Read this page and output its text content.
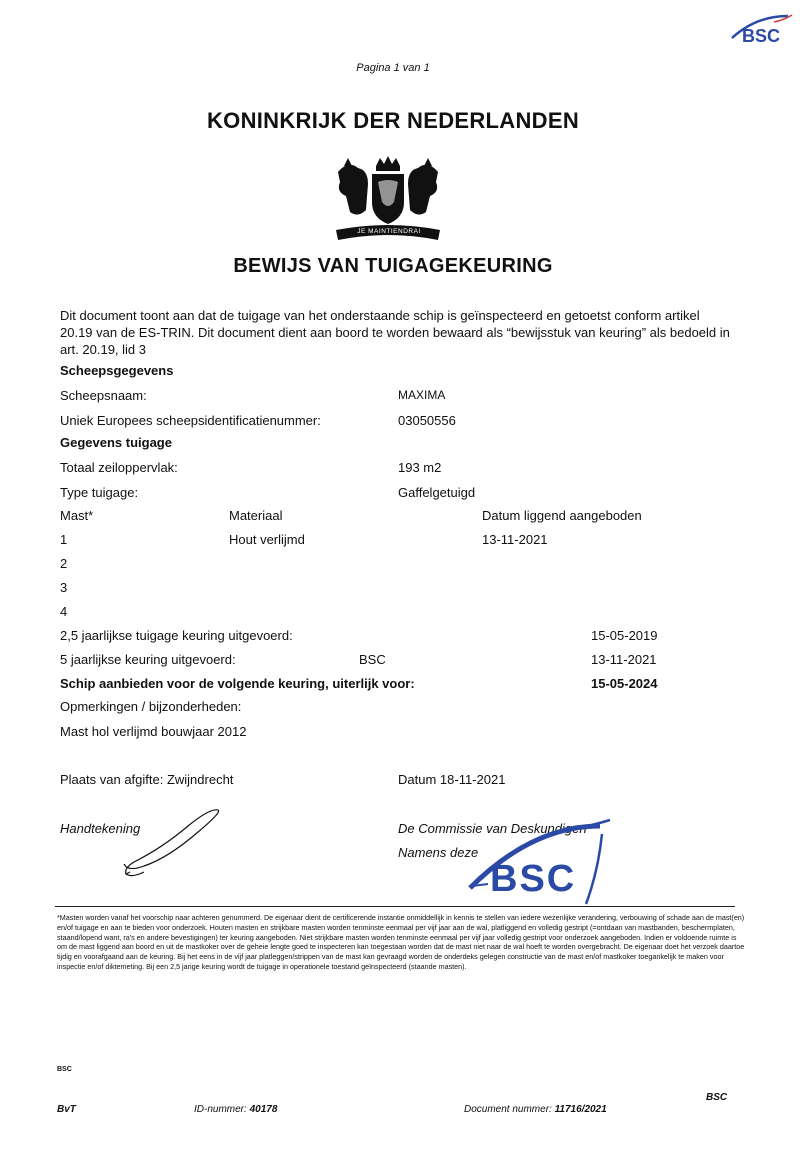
BSC
Pagina 1 van 1
KONINKRIJK DER NEDERLANDEN
JE MAINTIENDRAI
BEWIJS VAN TUIGAGEKEURING
Dit document toont aan dat de tuigage van het onderstaande schip is geïnspecteerd en getoetst conform artikel 20.19 van de ES-TRIN. Dit document dient aan boord te worden bewaard als “bewijsstuk van keuring” als bedoeld in art. 20.19, lid 3
Scheepsgegevens
Scheepsnaam:	MAXIMA
Uniek Europees scheepsidentificatienummer:	03050556
Gegevens tuigage
Totaal zeiloppervlak:	193 m2
Type tuigage:	Gaffelgetuigd
Mast*	Materiaal	Datum liggend aangeboden
1	Hout verlijmd	13-11-2021
2
3
4
2,5 jaarlijkse tuigage keuring uitgevoerd:	15-05-2019
5 jaarlijkse keuring uitgevoerd:	BSC	13-11-2021
Schip aanbieden voor de volgende keuring, uiterlijk voor:	15-05-2024
Opmerkingen / bijzonderheden:
Mast hol verlijmd bouwjaar 2012
Plaats van afgifte: Zwijndrecht	Datum 18-11-2021
Handtekening	De Commissie van Deskundigen
Namens deze
BSC
*Masten worden vanaf het voorschip naar achteren genummerd. De eigenaar dient de certificerende instantie onmiddellijk in kennis te stellen van iedere wezenlijke verandering, verbouwing of schade aan de mast(en) en/of tuigage en aan te bieden voor onderzoek. Houten masten en strijkbare masten worden tenminste eenmaal per vijf jaar aan de wal, platliggend en volledig gestript (=ontdaan van mastbanden, beschermplaten, staand/lopend want, ra's en andere bevestigingen) ter keuring aangeboden. Niet strijkbare masten worden tenminste eenmaal per vijf jaar volledig gestript voor onderzoek aangeboden. Indien er voldoende ruimte is om de mast liggend aan boord en uit de mastkoker over de geheie lengte goed te inspecteren kan toegestaan worden dat de mast niet naar de wal hoeft te worden overgebracht. De eigenaar doet het verzoek daartoe tijdig en voorafgaand aan de keuring. Bij het eens in de vijf jaar platleggen/strippen van de mast kan gevraagd worden de onderdeks gelegen constructie van de mast en/of mastkoker toegankelijk te maken voor inspectie en/of diktemeting. Bij een 2,5 jarige keuring wordt de tuigage in operationele toestand geïnspecteerd (staande masten).
BSC
BvT	ID-nummer: 40178	Document nummer: 11716/2021
BSC
